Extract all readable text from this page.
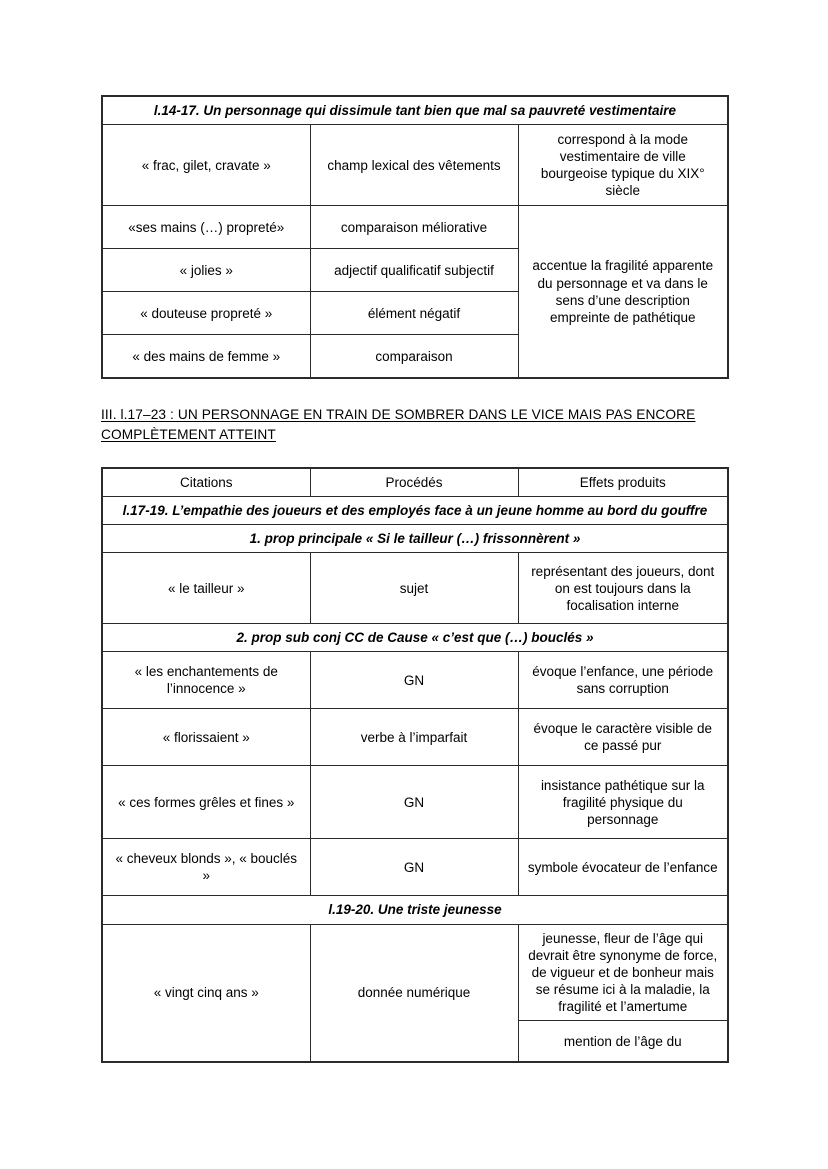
l.14-17. Un personnage qui dissimule tant bien que mal sa pauvreté vestimentaire		
« frac, gilet, cravate »	champ lexical des vêtements	correspond à la mode vestimentaire de ville bourgeoise typique du XIX° siècle
«ses mains (…) propreté»	comparaison méliorative	accentue la fragilité apparente du personnage et va dans le sens d’une description empreinte de pathétique
« jolies »	adjectif qualificatif subjectif	
« douteuse propreté »	élément négatif	
« des mains de femme »	comparaison	
III. l.17–23 : UN PERSONNAGE EN TRAIN DE SOMBRER DANS LE VICE MAIS PAS ENCORE COMPLÈTEMENT ATTEINT
Citations	Procédés	Effets produits
l.17-19. L’empathie des joueurs et des employés face à un jeune homme au bord du gouffre		
1. prop principale « Si le tailleur (…) frissonnèrent »		
« le tailleur »	sujet	représentant des joueurs, dont on est toujours dans la focalisation interne
2. prop sub conj CC de Cause « c’est que (…) bouclés »		
« les enchantements de l’innocence »	GN	évoque l’enfance, une période sans corruption
« florissaient »	verbe à l’imparfait	évoque le caractère visible de ce passé pur
« ces formes grêles et fines »	GN	insistance pathétique sur la fragilité physique du personnage
« cheveux blonds », « bouclés »	GN	symbole évocateur de l’enfance
l.19-20. Une triste jeunesse		
« vingt cinq ans »	donnée numérique	jeunesse, fleur de l’âge qui devrait être synonyme de force, de vigueur et de bonheur mais se résume ici à la maladie, la fragilité et l’amertume
		mention de l’âge du
